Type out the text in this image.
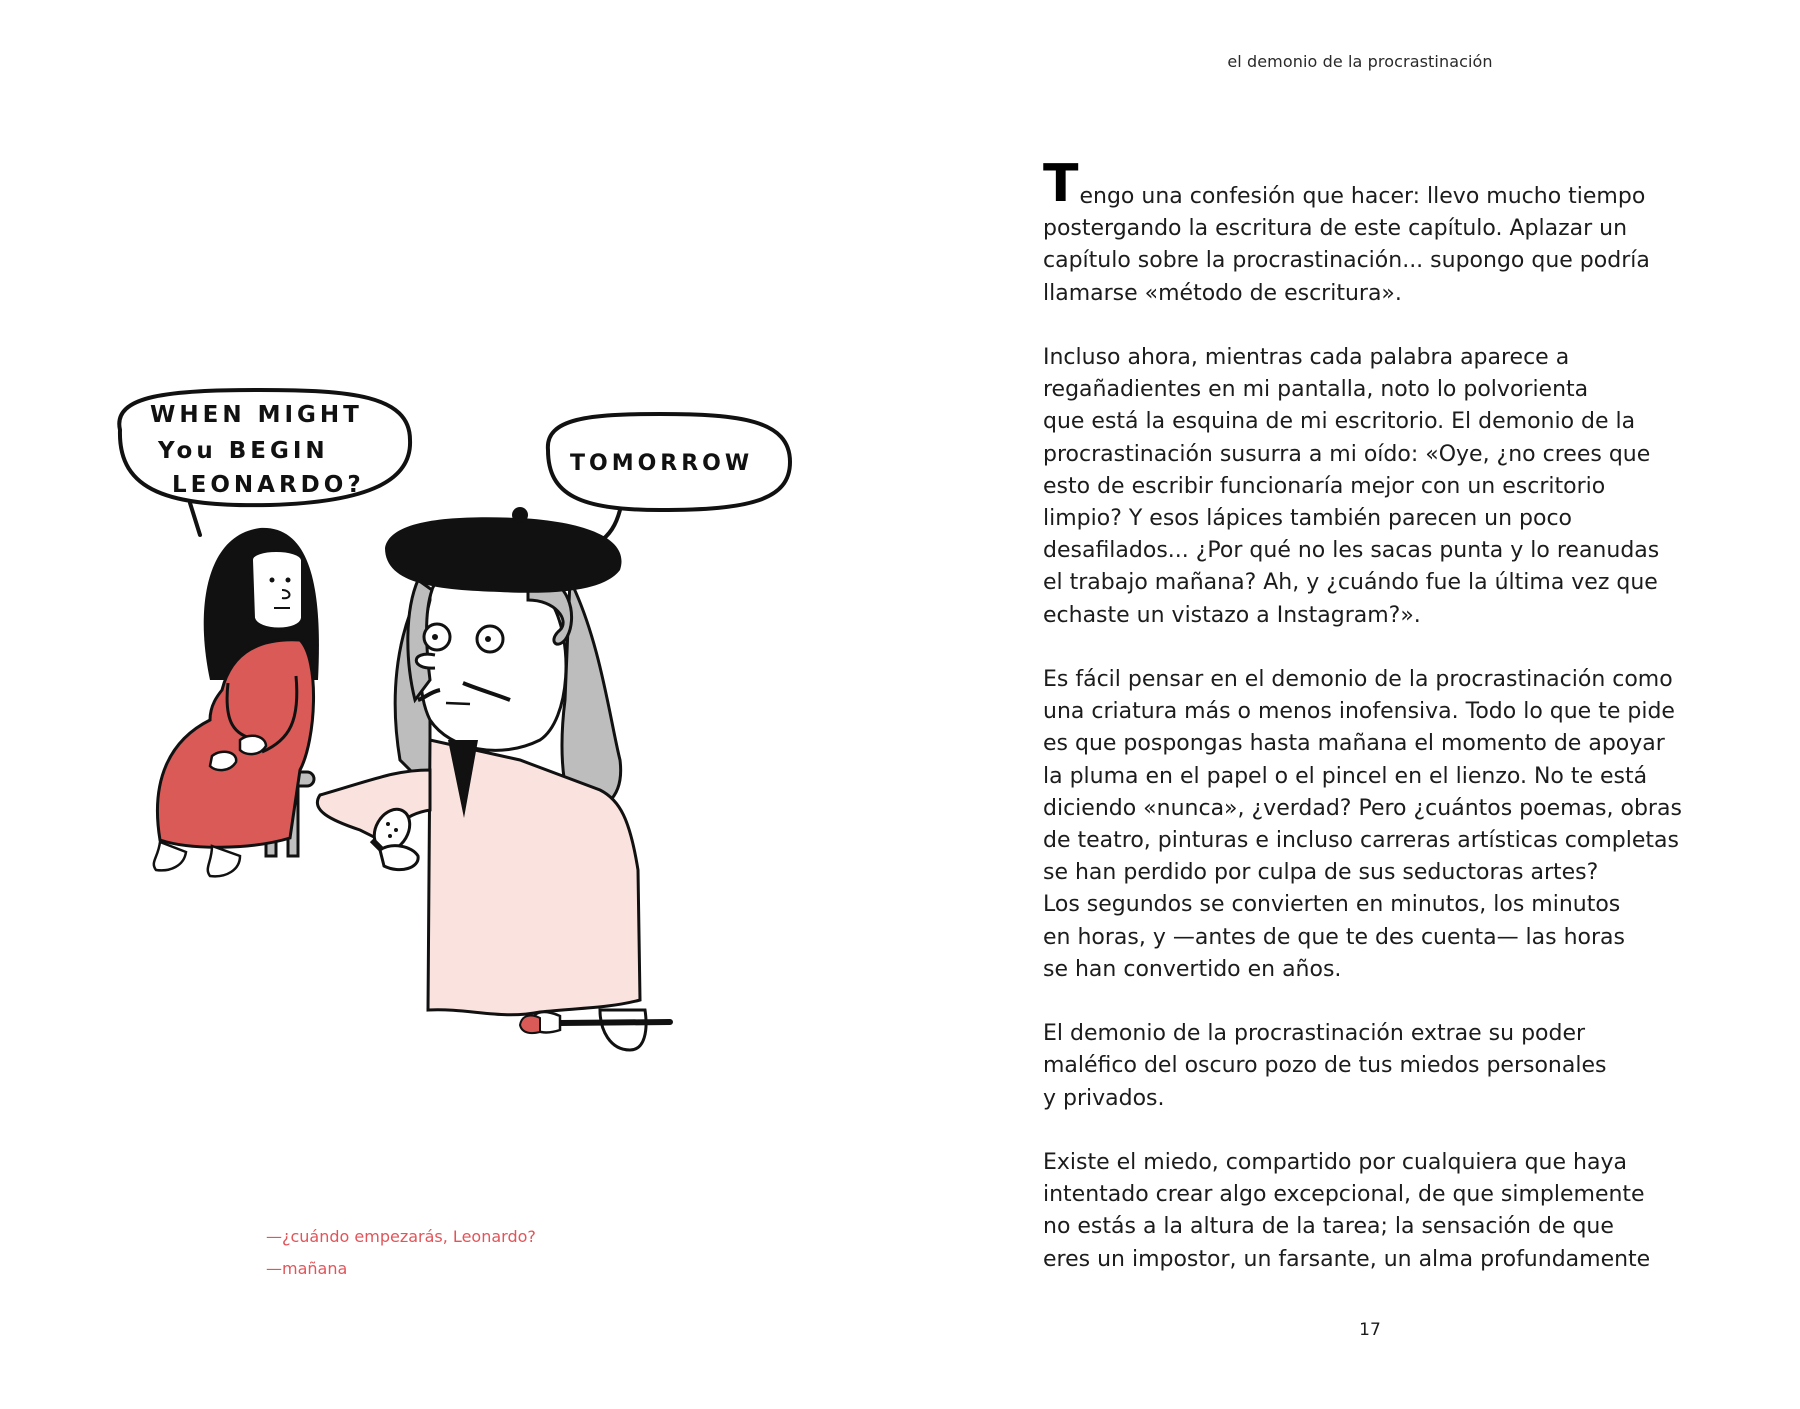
WHEN MIGHT
You BEGIN
LEONARDO?
TOMORROW
—¿cuándo empezarás, Leonardo?
—mañana
el demonio de la procrastinación

Tengo una confesión que hacer: llevo mucho tiempo
postergando la escritura de este capítulo. Aplazar un
capítulo sobre la procrastinación... supongo que podría
llamarse «método de escritura».

Incluso ahora, mientras cada palabra aparece a
regañadientes en mi pantalla, noto lo polvorienta
que está la esquina de mi escritorio. El demonio de la
procrastinación susurra a mi oído: «Oye, ¿no crees que
esto de escribir funcionaría mejor con un escritorio
limpio? Y esos lápices también parecen un poco
desafilados... ¿Por qué no les sacas punta y lo reanudas
el trabajo mañana? Ah, y ¿cuándo fue la última vez que
echaste un vistazo a Instagram?».

Es fácil pensar en el demonio de la procrastinación como
una criatura más o menos inofensiva. Todo lo que te pide
es que pospongas hasta mañana el momento de apoyar
la pluma en el papel o el pincel en el lienzo. No te está
diciendo «nunca», ¿verdad? Pero ¿cuántos poemas, obras
de teatro, pinturas e incluso carreras artísticas completas
se han perdido por culpa de sus seductoras artes?
Los segundos se convierten en minutos, los minutos
en horas, y —antes de que te des cuenta— las horas
se han convertido en años.

El demonio de la procrastinación extrae su poder
maléfico del oscuro pozo de tus miedos personales
y privados.

Existe el miedo, compartido por cualquiera que haya
intentado crear algo excepcional, de que simplemente
no estás a la altura de la tarea; la sensación de que
eres un impostor, un farsante, un alma profundamente

17
